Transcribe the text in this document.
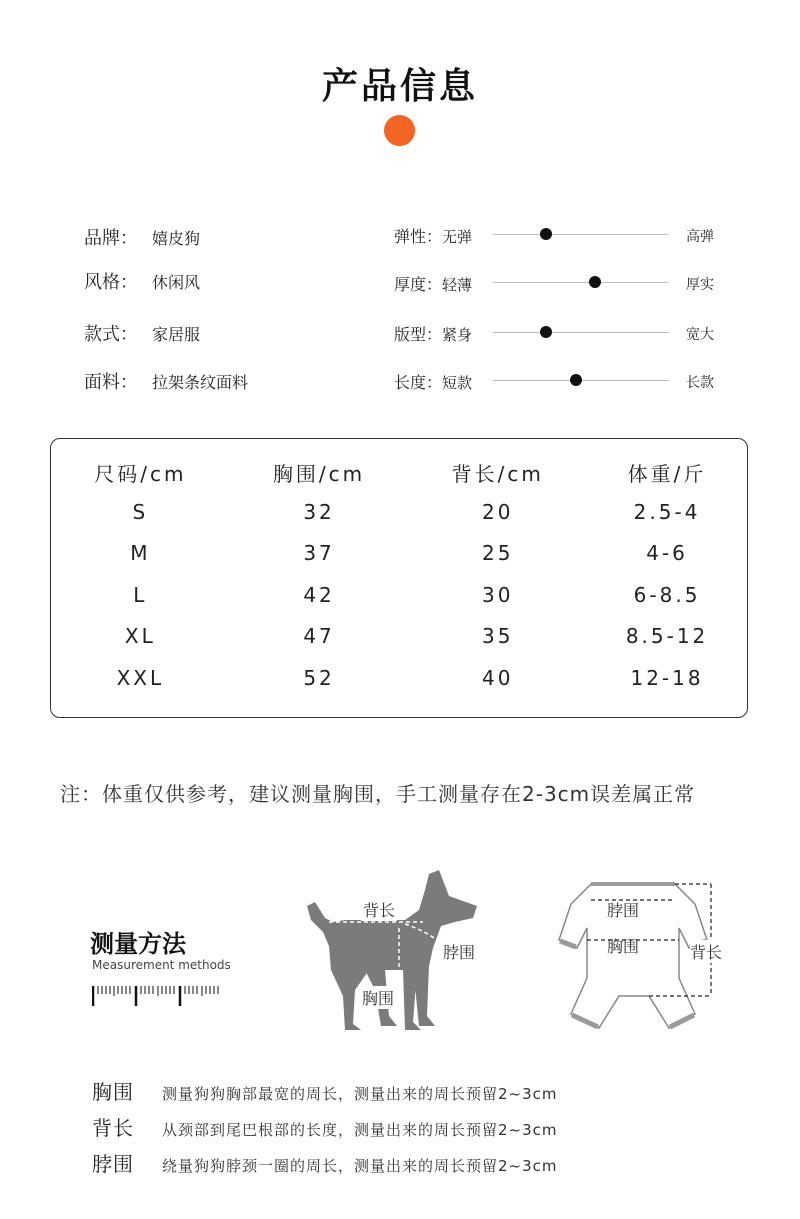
产品信息
品牌： 嬉皮狗
风格： 休闲风
款式： 家居服
面料： 拉架条纹面料
弹性：无弹	高弹
厚度：轻薄	厚实
版型：紧身	宽大
长度：短款	长款
尺码/cm	胸围/cm	背长/cm	体重/斤
S	32	20	2.5-4
M	37	25	4-6
L	42	30	6-8.5
XL	47	35	8.5-12
XXL	52	40	12-18
注：体重仅供参考，建议测量胸围，手工测量存在2-3cm误差属正常
测量方法
Measurement methods
背长
脖围
胸围
脖围
胸围	背长
胸围 测量狗狗胸部最宽的周长，测量出来的周长预留2~3cm
背长 从颈部到尾巴根部的长度，测量出来的周长预留2~3cm
脖围 绕量狗狗脖颈一圈的周长，测量出来的周长预留2~3cm
